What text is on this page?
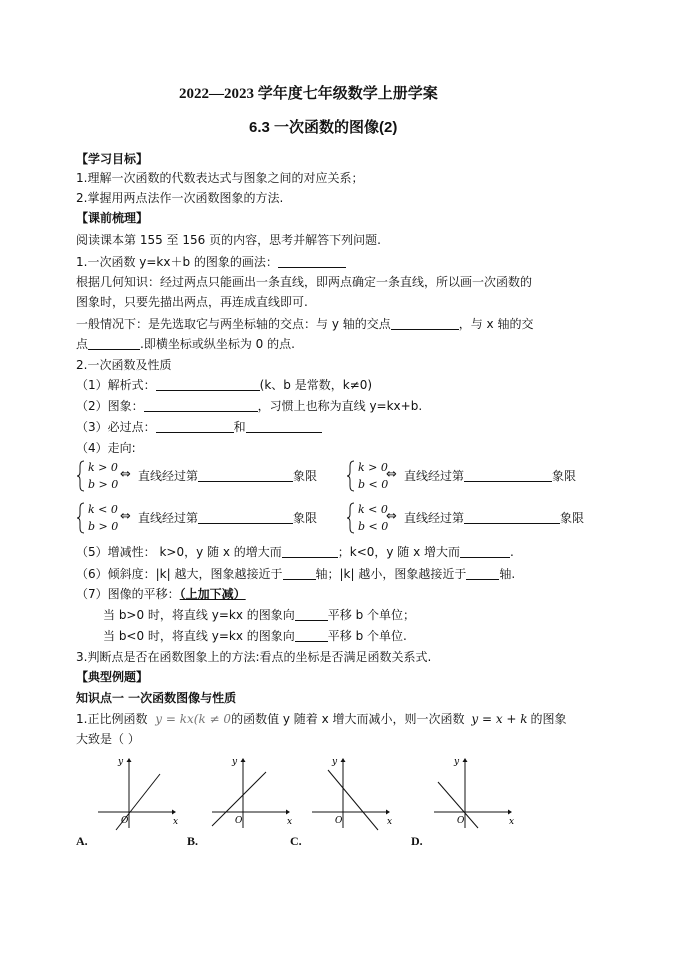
2022—2023 学年度七年级数学上册学案
6.3 一次函数的图像(2)
【学习目标】
1.理解一次函数的代数表达式与图象之间的对应关系；
2.掌握用两点法作一次函数图象的方法.
【课前梳理】
阅读课本第 155 至 156 页的内容，思考并解答下列问题.
1.一次函数 y=kx＋b 的图象的画法：
根据几何知识：经过两点只能画出一条直线，即两点确定一条直线，所以画一次函数的
图象时，只要先描出两点，再连成直线即可.
一般情况下：是先选取它与两坐标轴的交点：与 y 轴的交点	，与 x 轴的交
点	.即横坐标或纵坐标为 0 的点.
2.一次函数及性质
（1）解析式：	(k、b 是常数，k≠0)
（2）图象：	，习惯上也称为直线 y=kx+b.
（3）必过点：	和
（4）走向:
k > 0
b > 0
⇔ 直线经过第	象限
k > 0
b < 0
⇔ 直线经过第	象限
k < 0
b > 0
⇔ 直线经过第	象限
k < 0
b < 0
⇔ 直线经过第	象限
（5）增减性： k>0，y 随 x 的增大而	；k<0，y 随 x 增大而	.
（6）倾斜度：|k| 越大，图象越接近于	轴；|k| 越小，图象越接近于	轴.
（7）图像的平移：（上加下减）
当 b>0 时，将直线 y=kx 的图象向	平移 b 个单位；
当 b<0 时，将直线 y=kx 的图象向	平移 b 个单位.
3.判断点是否在函数图象上的方法:看点的坐标是否满足函数关系式.
【典型例题】
知识点一 一次函数图像与性质
1.正比例函数 y = kx(k ≠ 0的函数值 y 随着 x 增大而减小，则一次函数 y = x + k 的图象
大致是（ ）
y
x
O
A.
y
x
O
B.
y
x
O
C.
y
x
O
D.
